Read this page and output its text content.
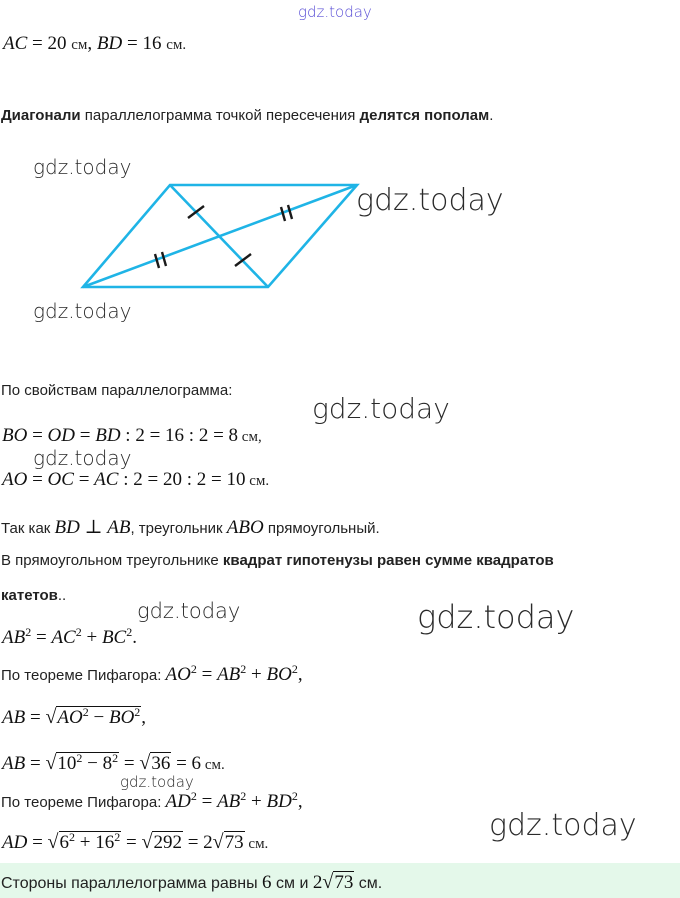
gdz.today
AC = 20 см, BD = 16 см.
Диагонали параллелограмма точкой пересечения делятся пополам.
gdz.today
gdz.today
gdz.today
По свойствам параллелограмма:
gdz.today
BO = OD = BD : 2 = 16 : 2 = 8 см,
gdz.today
AO = OC = AC : 2 = 20 : 2 = 10 см.
Так как BD ⊥ AB, треугольник ABO прямоугольный.
В прямоугольном треугольнике квадрат гипотенузы равен сумме квадратов
катетов..
gdz.today	gdz.today
$AB^2 = AC^2 + BC^2$.
По теореме Пифагора: $AO^2 = AB^2 + BO^2$,
AB = $√AO^2 - BO^2$,
AB = $√10^2 - 8^2 = √36 = 6$ см.
gdz.today
По теореме Пифагора: $AD^2 = AB^2 + BD^2$,
gdz.today
AD = $√6^2 + 16^2 = √292 = 2√73$ см.
Стороны параллелограмма равны 6 см и 2√73 см.
